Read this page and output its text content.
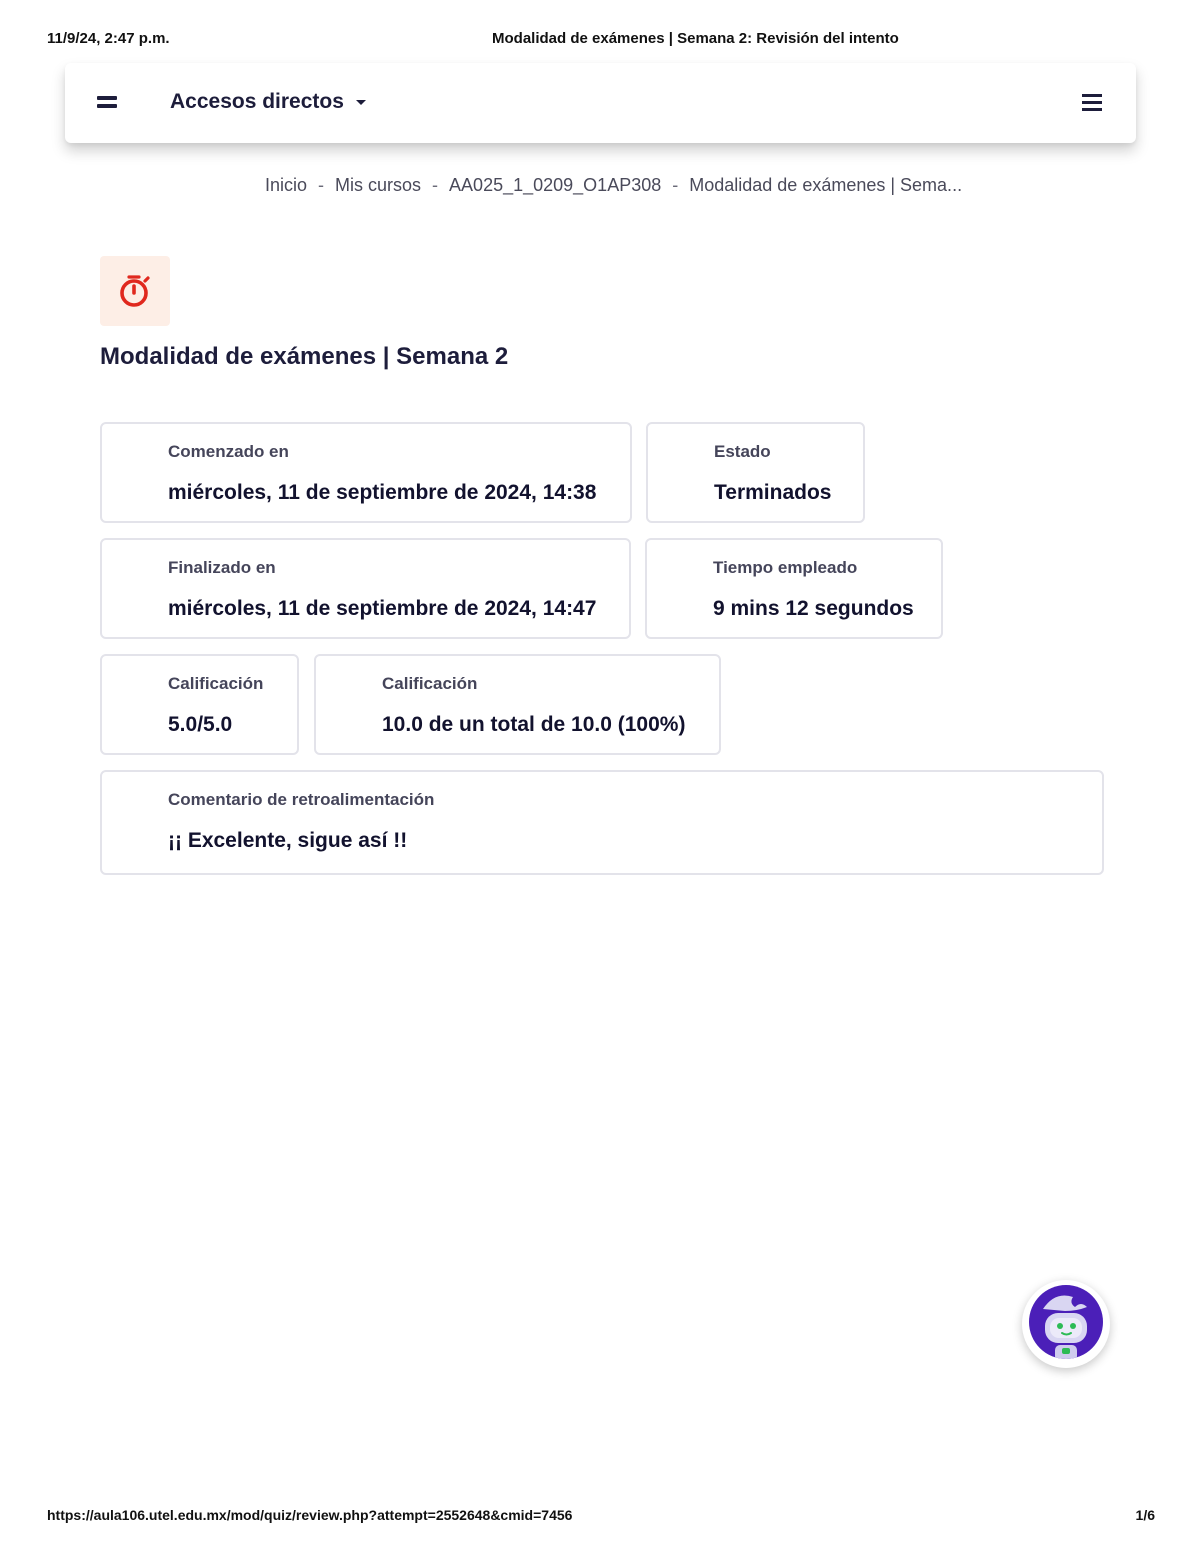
11/9/24, 2:47 p.m.	Modalidad de exámenes | Semana 2: Revisión del intento
Accesos directos
Inicio - Mis cursos - AA025_1_0209_O1AP308 - Modalidad de exámenes | Sema...
Modalidad de exámenes | Semana 2
Comenzado en
miércoles, 11 de septiembre de 2024, 14:38
Estado
Terminados
Finalizado en
miércoles, 11 de septiembre de 2024, 14:47
Tiempo empleado
9 mins 12 segundos
Calificación
5.0/5.0
Calificación
10.0 de un total de 10.0 (100%)
Comentario de retroalimentación
¡¡ Excelente, sigue así !!
https://aula106.utel.edu.mx/mod/quiz/review.php?attempt=2552648&cmid=7456	1/6
